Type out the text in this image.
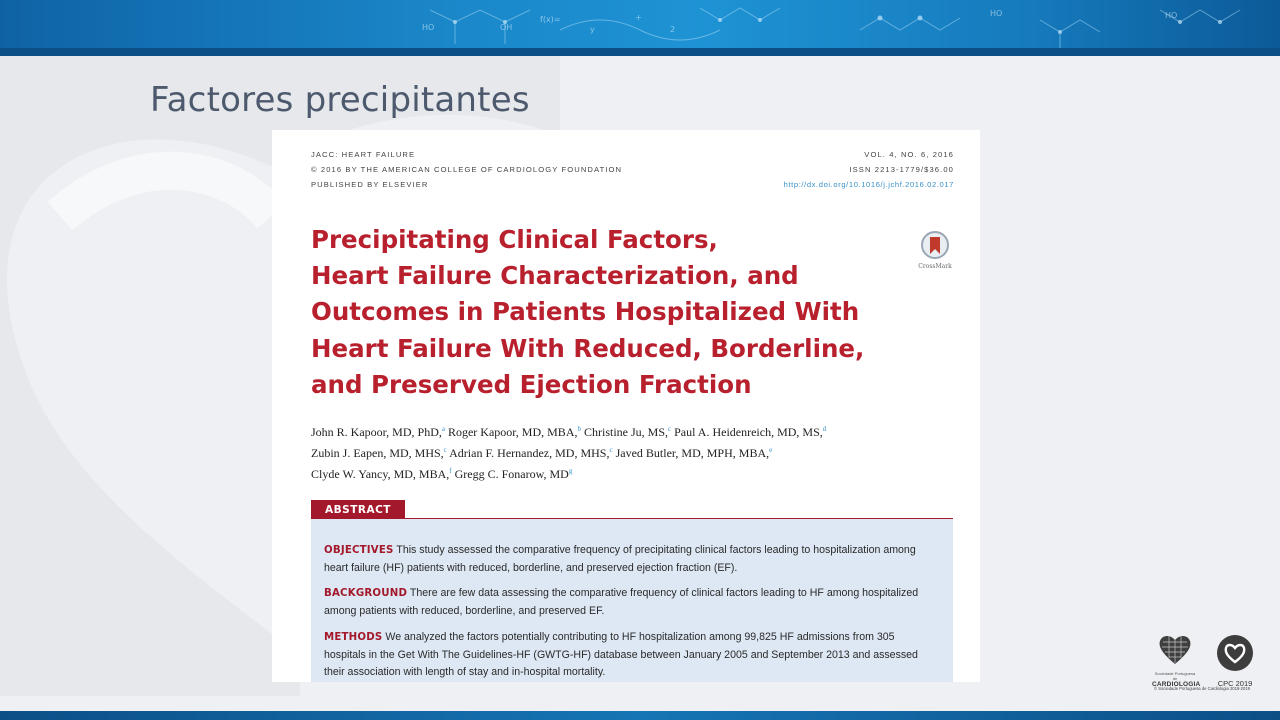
HO	OH
f(x)=
y
+
2
HO	HO
Factores precipitantes
JACC: HEART FAILURE
© 2016 BY THE AMERICAN COLLEGE OF CARDIOLOGY FOUNDATION
PUBLISHED BY ELSEVIER
VOL. 4, NO. 6, 2016
ISSN 2213-1779/$36.00
http://dx.doi.org/10.1016/j.jchf.2016.02.017
Precipitating Clinical Factors,
Heart Failure Characterization, and
Outcomes in Patients Hospitalized With
Heart Failure With Reduced, Borderline,
and Preserved Ejection Fraction
CrossMark
John R. Kapoor, MD, PhD,$^a$ Roger Kapoor, MD, MBA,$^b$ Christine Ju, MS,$^c$ Paul A. Heidenreich, MD, MS,$^d$
Zubin J. Eapen, MD, MHS,$^c$ Adrian F. Hernandez, MD, MHS,$^c$ Javed Butler, MD, MPH, MBA,$^e$
Clyde W. Yancy, MD, MBA,$^f$ Gregg C. Fonarow, $MD^g$
ABSTRACT
OBJECTIVES This study assessed the comparative frequency of precipitating clinical factors leading to hospitalization among heart failure (HF) patients with reduced, borderline, and preserved ejection fraction (EF).
BACKGROUND There are few data assessing the comparative frequency of clinical factors leading to HF among hospitalized among patients with reduced, borderline, and preserved EF.
METHODS We analyzed the factors potentially contributing to HF hospitalization among 99,825 HF admissions from 305 hospitals in the Get With The Guidelines-HF (GWTG-HF) database between January 2005 and September 2013 and assessed their association with length of stay and in-hospital mortality.	Sociedade Portuguesa de
CARDIOLOGIA	CPC 2019
© Sociedade Portuguesa de Cardiologia 2018-2019
